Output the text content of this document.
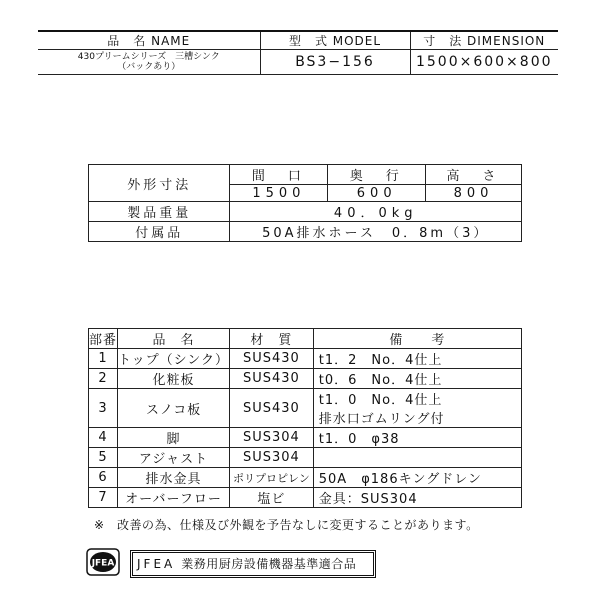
品　名 NAME	型　式 MODEL	寸　法 DIMENSION

430プリームシリーズ　三槽シンク
（バックあり）	BS3−156	1500×600×800
外形寸法	間　口	奥　行	高　さ
	1500	600	800
製品重量	40．0kg		
付属品	50A排水ホース　0．8m（3）		
部番	品　名	材　質	備　　考
1	トップ（シンク）	SUS430	t1．2　No．4仕上
2	化粧板	SUS430	t0．6　No．4仕上
3	スノコ板	SUS430	t1．0　No．4仕上
排水口ゴムリング付

4	脚	SUS304	t1．0　φ38
5	アジャスト	SUS304	
6	排水金具	ポリプロピレン	50A　φ186キングドレン
7	オーバーフロー	塩ビ	金具：SUS304
※　改善の為、仕様及び外観を予告なしに変更することがあります。
JFEA	JFEA 業務用厨房設備機器基準適合品
